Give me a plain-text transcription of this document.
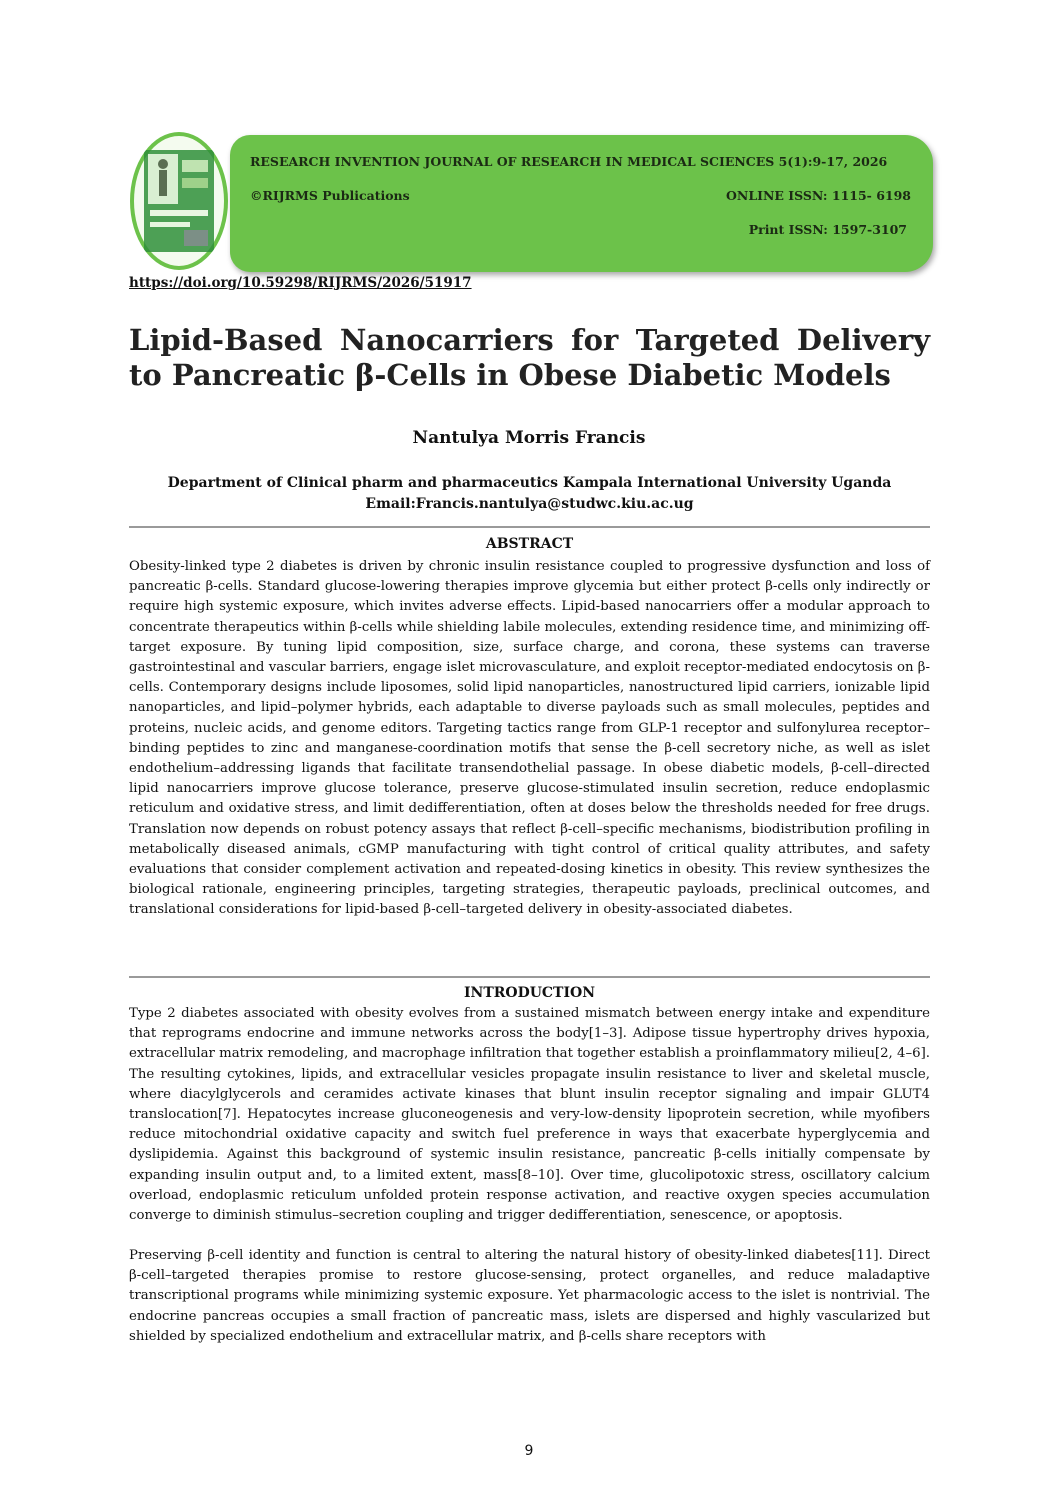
RESEARCH INVENTION JOURNAL OF RESEARCH IN MEDICAL SCIENCES 5(1):9-17, 2026
©RIJRMS Publications	ONLINE ISSN: 1115- 6198
Print ISSN: 1597-3107
https://doi.org/10.59298/RIJRMS/2026/51917
Lipid-Based Nanocarriers for Targeted Delivery to Pancreatic β-Cells in Obese Diabetic Models
Nantulya Morris Francis
Department of Clinical pharm and pharmaceutics Kampala International University Uganda
Email:Francis.nantulya@studwc.kiu.ac.ug
ABSTRACT

Obesity-linked type 2 diabetes is driven by chronic insulin resistance coupled to progressive dysfunction and loss of pancreatic β-cells. Standard glucose-lowering therapies improve glycemia but either protect β-cells only indirectly or require high systemic exposure, which invites adverse effects. Lipid-based nanocarriers offer a modular approach to concentrate therapeutics within β-cells while shielding labile molecules, extending residence time, and minimizing off-target exposure. By tuning lipid composition, size, surface charge, and corona, these systems can traverse gastrointestinal and vascular barriers, engage islet microvasculature, and exploit receptor-mediated endocytosis on β-cells. Contemporary designs include liposomes, solid lipid nanoparticles, nanostructured lipid carriers, ionizable lipid nanoparticles, and lipid–polymer hybrids, each adaptable to diverse payloads such as small molecules, peptides and proteins, nucleic acids, and genome editors. Targeting tactics range from GLP-1 receptor and sulfonylurea receptor–binding peptides to zinc and manganese-coordination motifs that sense the β-cell secretory niche, as well as islet endothelium–addressing ligands that facilitate transendothelial passage. In obese diabetic models, β-cell–directed lipid nanocarriers improve glucose tolerance, preserve glucose-stimulated insulin secretion, reduce endoplasmic reticulum and oxidative stress, and limit dedifferentiation, often at doses below the thresholds needed for free drugs. Translation now depends on robust potency assays that reflect β-cell–specific mechanisms, biodistribution profiling in metabolically diseased animals, cGMP manufacturing with tight control of critical quality attributes, and safety evaluations that consider complement activation and repeated-dosing kinetics in obesity. This review synthesizes the biological rationale, engineering principles, targeting strategies, therapeutic payloads, preclinical outcomes, and translational considerations for lipid-based β-cell–targeted delivery in obesity-associated diabetes.

INTRODUCTION

Type 2 diabetes associated with obesity evolves from a sustained mismatch between energy intake and expenditure that reprograms endocrine and immune networks across the body[1–3]. Adipose tissue hypertrophy drives hypoxia, extracellular matrix remodeling, and macrophage infiltration that together establish a proinflammatory milieu[2, 4–6]. The resulting cytokines, lipids, and extracellular vesicles propagate insulin resistance to liver and skeletal muscle, where diacylglycerols and ceramides activate kinases that blunt insulin receptor signaling and impair GLUT4 translocation[7]. Hepatocytes increase gluconeogenesis and very-low-density lipoprotein secretion, while myofibers reduce mitochondrial oxidative capacity and switch fuel preference in ways that exacerbate hyperglycemia and dyslipidemia. Against this background of systemic insulin resistance, pancreatic β-cells initially compensate by expanding insulin output and, to a limited extent, mass[8–10]. Over time, glucolipotoxic stress, oscillatory calcium overload, endoplasmic reticulum unfolded protein response activation, and reactive oxygen species accumulation converge to diminish stimulus–secretion coupling and trigger dedifferentiation, senescence, or apoptosis.

Preserving β-cell identity and function is central to altering the natural history of obesity-linked diabetes[11]. Direct β-cell–targeted therapies promise to restore glucose-sensing, protect organelles, and reduce maladaptive transcriptional programs while minimizing systemic exposure. Yet pharmacologic access to the islet is nontrivial. The endocrine pancreas occupies a small fraction of pancreatic mass, islets are dispersed and highly vascularized but shielded by specialized endothelium and extracellular matrix, and β-cells share receptors with

9
